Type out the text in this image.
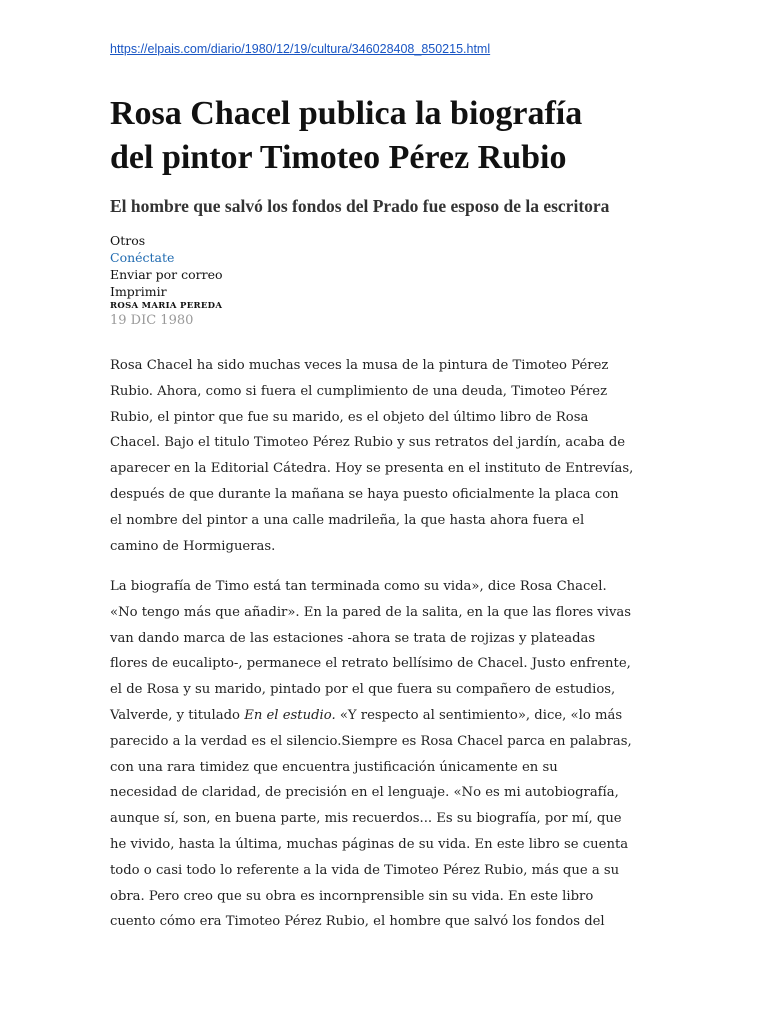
https://elpais.com/diario/1980/12/19/cultura/346028408_850215.html
Rosa Chacel publica la biografía
del pintor Timoteo Pérez Rubio
El hombre que salvó los fondos del Prado fue esposo de la escritora
Otros
Conéctate
Enviar por correo
Imprimir
ROSA MARIA PEREDA
19 DIC 1980

Rosa Chacel ha sido muchas veces la musa de la pintura de Timoteo Pérez
Rubio. Ahora, como si fuera el cumplimiento de una deuda, Timoteo Pérez
Rubio, el pintor que fue su marido, es el objeto del último libro de Rosa
Chacel. Bajo el titulo Timoteo Pérez Rubio y sus retratos del jardín, acaba de
aparecer en la Editorial Cátedra. Hoy se presenta en el instituto de Entrevías,
después de que durante la mañana se haya puesto oficialmente la placa con
el nombre del pintor a una calle madrileña, la que hasta ahora fuera el
camino de Hormigueras.

La biografía de Timo está tan terminada como su vida», dice Rosa Chacel.
«No tengo más que añadir». En la pared de la salita, en la que las flores vivas
van dando marca de las estaciones -ahora se trata de rojizas y plateadas
flores de eucalipto-, permanece el retrato bellísimo de Chacel. Justo enfrente,
el de Rosa y su marido, pintado por el que fuera su compañero de estudios,
Valverde, y titulado En el estudio. «Y respecto al sentimiento», dice, «lo más
parecido a la verdad es el silencio.Siempre es Rosa Chacel parca en palabras,
con una rara timidez que encuentra justificación únicamente en su
necesidad de claridad, de precisión en el lenguaje. «No es mi autobiografía,
aunque sí, son, en buena parte, mis recuerdos... Es su biografía, por mí, que
he vivido, hasta la última, muchas páginas de su vida. En este libro se cuenta
todo o casi todo lo referente a la vida de Timoteo Pérez Rubio, más que a su
obra. Pero creo que su obra es incornprensible sin su vida. En este libro
cuento cómo era Timoteo Pérez Rubio, el hombre que salvó los fondos del
